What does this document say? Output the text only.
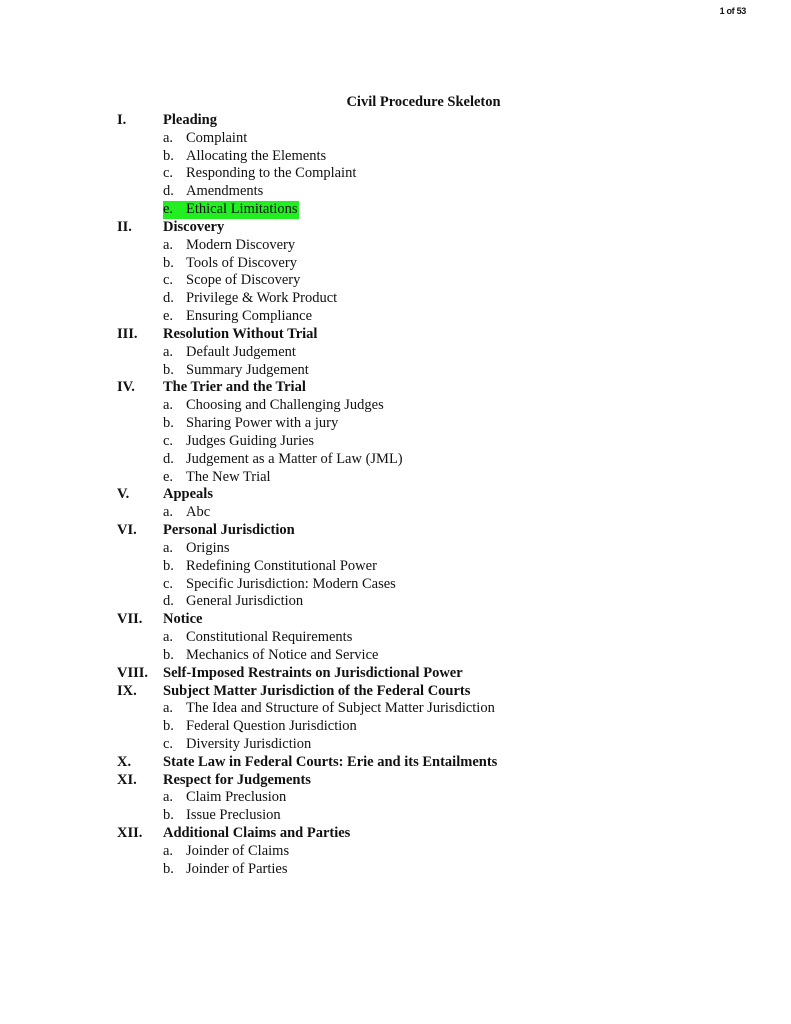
1 of 53
Civil Procedure Skeleton
I.	Pleading
a. Complaint
b. Allocating the Elements
c. Responding to the Complaint
d. Amendments
e. Ethical Limitations
II. Discovery
a. Modern Discovery
b. Tools of Discovery
c. Scope of Discovery
d. Privilege & Work Product
e. Ensuring Compliance
III. Resolution Without Trial
a. Default Judgement
b. Summary Judgement
IV. The Trier and the Trial
a. Choosing and Challenging Judges
b. Sharing Power with a jury
c. Judges Guiding Juries
d. Judgement as a Matter of Law (JML)
e. The New Trial
V. Appeals
a. Abc
VI. Personal Jurisdiction
a. Origins
b. Redefining Constitutional Power
c. Specific Jurisdiction: Modern Cases
d. General Jurisdiction
VII. Notice
a. Constitutional Requirements
b. Mechanics of Notice and Service
VIII. Self-Imposed Restraints on Jurisdictional Power
IX. Subject Matter Jurisdiction of the Federal Courts
a. The Idea and Structure of Subject Matter Jurisdiction
b. Federal Question Jurisdiction
c. Diversity Jurisdiction
X. State Law in Federal Courts: Erie and its Entailments
XI. Respect for Judgements
a. Claim Preclusion
b. Issue Preclusion
XII. Additional Claims and Parties
a. Joinder of Claims
b. Joinder of Parties
